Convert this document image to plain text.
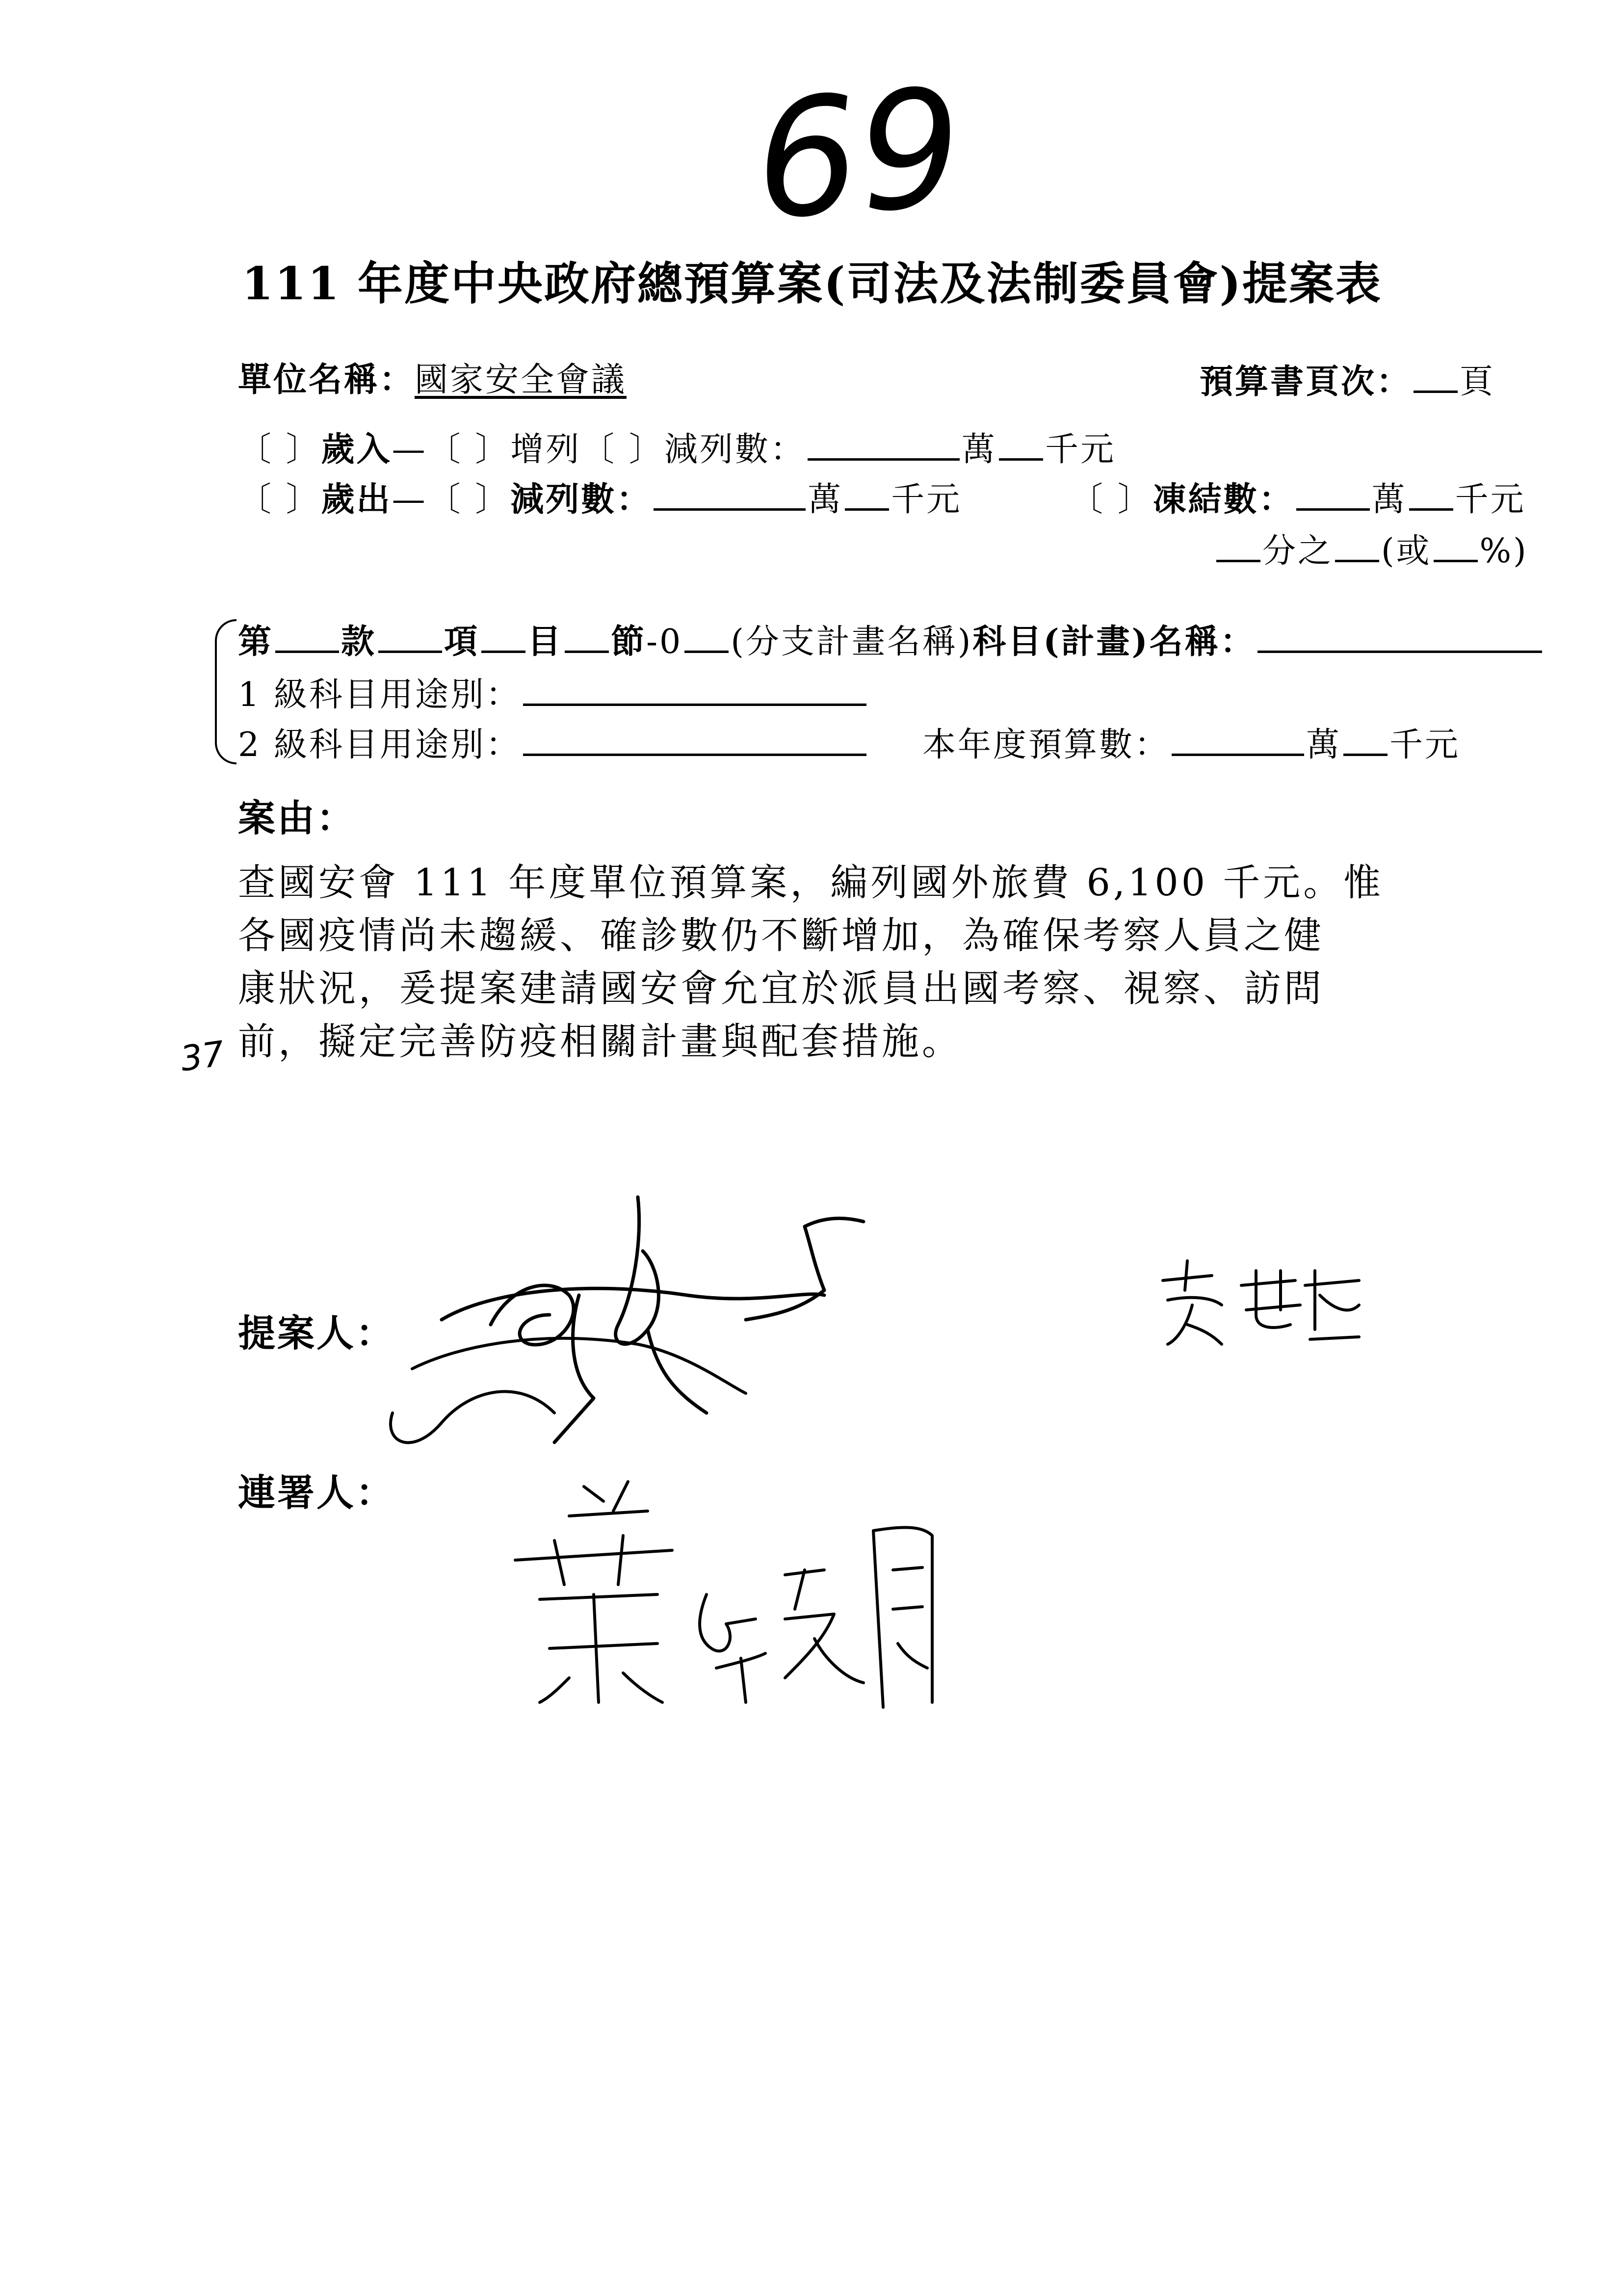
69
111 年度中央政府總預算案(司法及法制委員會)提案表
單位名稱：國家安全會議	預算書頁次： 頁
〔 〕歲入—〔 〕增列〔 〕減列數：	萬 千元
〔 〕歲出—〔 〕減列數：	萬 千元	〔 〕凍結數： 萬 千元
分之 (或 %)
第 款 項 目 節-0 (分支計畫名稱)科目(計畫)名稱：
1 級科目用途別：
2 級科目用途別：	本年度預算數：	萬 千元
案由：

查國安會 111 年度單位預算案，編列國外旅費 6,100 千元。惟

各國疫情尚未趨緩、確診數仍不斷增加，為確保考察人員之健

康狀況，爰提案建請國安會允宜於派員出國考察、視察、訪問

前，擬定完善防疫相關計畫與配套措施。

37
提案人：
連署人：
